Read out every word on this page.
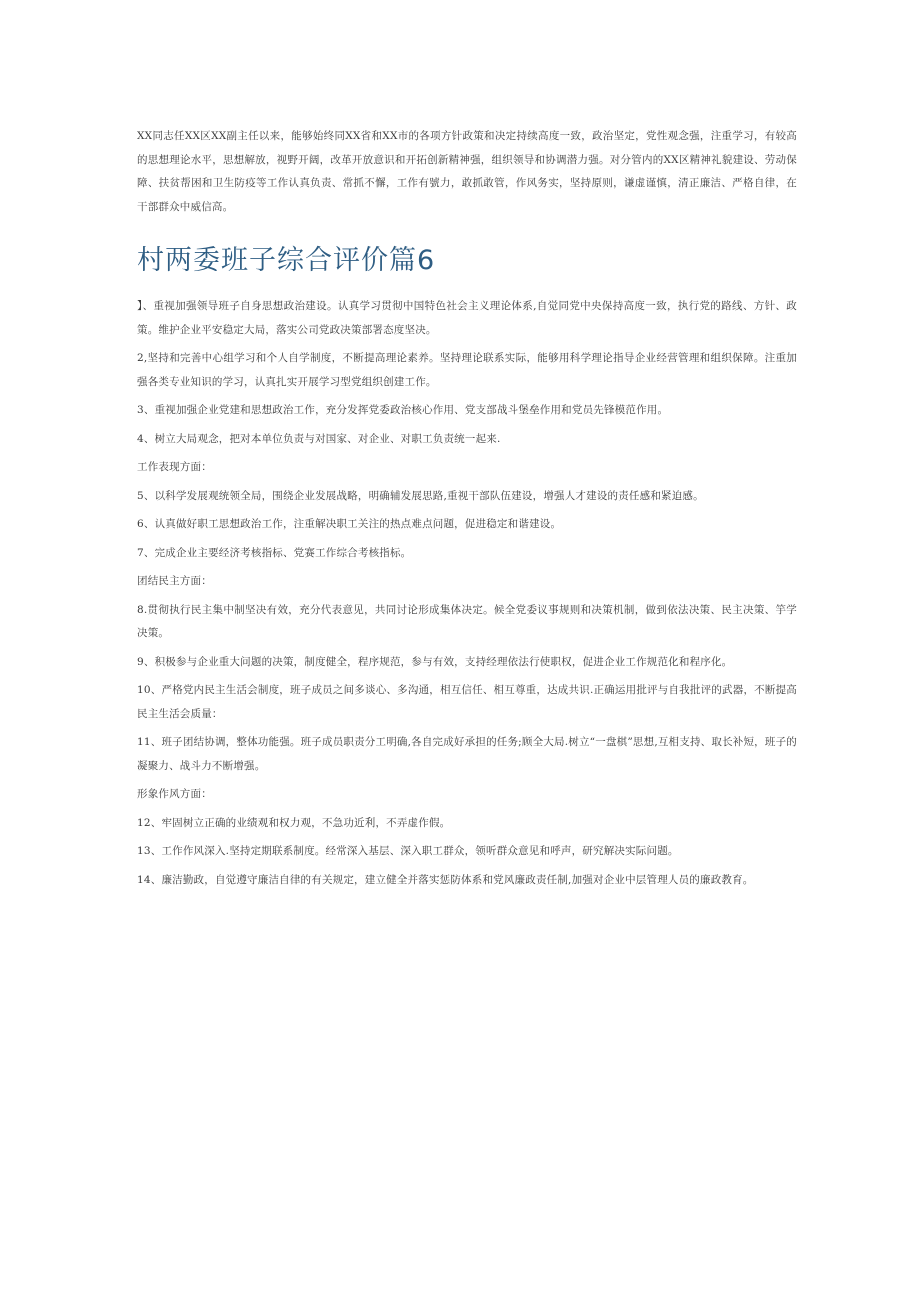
XX同志任XX区XX副主任以来，能够始终同XX省和XX市的各项方针政策和决定持续高度一致，政治坚定，党性观念强，注重学习，有较高的思想理论水平，思想解放，视野开阔，改革开放意识和开拓创新精神强，组织领导和协调潜力强。对分管内的XX区精神礼貌建设、劳动保障、扶贫帮困和卫生防疫等工作认真负责、常抓不懈，工作有號力，敢抓敢管，作风务实，坚持原则，谦虚谨慎，清正廉洁、严格自律，在干部群众中威信高。

村两委班子综合评价篇6

】、重视加强领导班子自身思想政治建设。认真学习贯彻中国特色社会主义理论体系,自觉同党中央保持高度一致，执行党的路线、方针、政策。维护企业平安稳定大局，落实公司党政决策部署态度坚决。

2,坚持和完善中心组学习和个人自学制度，不断提高理论素养。坚持理论联系实际，能够用科学理论指导企业经营管理和组织保障。注重加强各类专业知识的学习，认真扎实开展学习型党组织创建工作。

3、重视加强企业党建和思想政治工作，充分发挥党委政治核心作用、党支部战斗堡垒作用和党员先锋模范作用。

4、树立大局观念，把对本单位负责与对国家、对企业、对职工负责统一起来.

工作表现方面：

5、以科学发展观统领全局，围绕企业发展战略，明确辅发展思路,重视干部队伍建设，增强人才建设的责任感和紧迫感。

6、认真做好职工思想政治工作，注重解决职工关注的热点难点问题，促进稳定和谐建设。

7、完成企业主要经济考核指标、党赛工作综合考核指标。

团结民主方面：

8.贯彻执行民主集中制坚决有效，充分代表意见，共同讨论形成集体决定。候全党委议事规则和决策机制，做到依法决策、民主决策、竽学决策。

9、积极参与企业重大问题的决策，制度健全，程序规范，参与有效，支持经理依法行使职权，促进企业工作规范化和程序化。

10、严格党内民主生活会制度，班子成员之间多谈心、多沟通，相互信任、相互尊重，达成共识.正确运用批评与自我批评的武器，不断提高民主生活会质量：

11、班子团结协调，整体功能强。班子成员职责分工明确,各自完成好承担的任务;顾全大局.树立“一盘棋”思想,互相支持、取长补短，班子的凝聚力、战斗力不断增强。

形象作风方面：

12、牢固树立正确的业绩观和权力观，不急功近利，不弄虚作假。

13、工作作风深入.坚持定期联系制度。经常深入基层、深入职工群众，领听群众意见和呼声，研究解决实际问题。

14、廉洁勤政，自觉遵守廉洁自律的有关规定，建立健全并落实惩防体系和党风廉政责任制,加强对企业中层管理人员的廉政教育。
